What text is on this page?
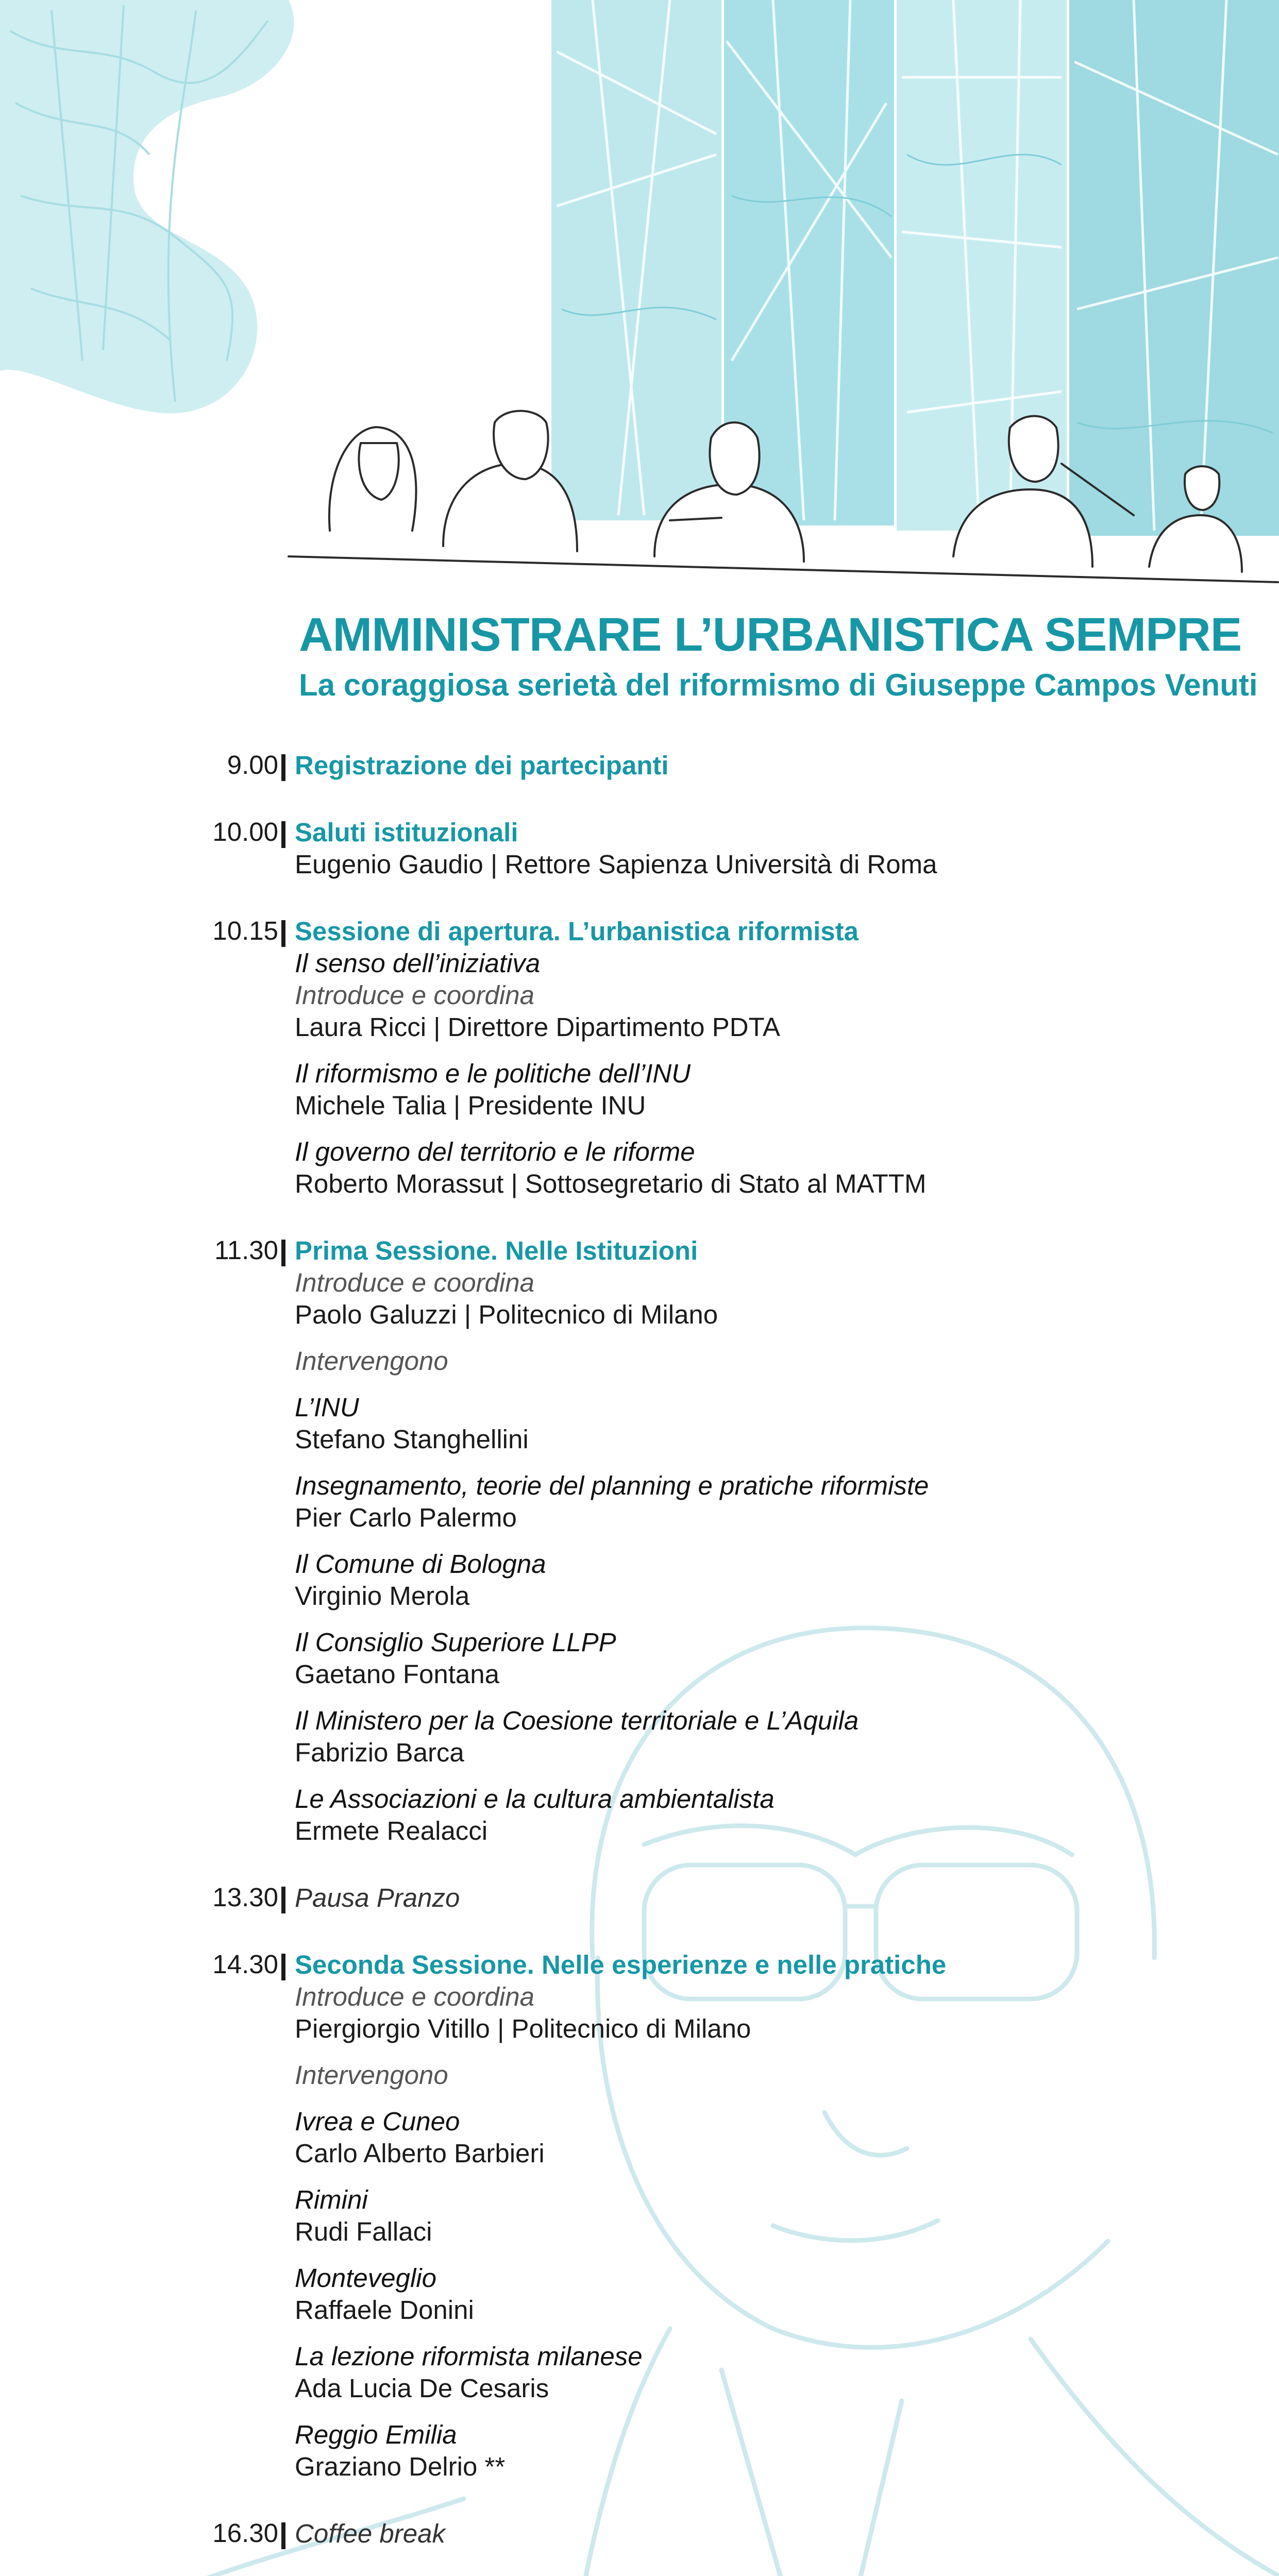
AMMINISTRARE L’URBANISTICA SEMPRE
La coraggiosa serietà del riformismo di Giuseppe Campos Venuti
9.00 Registrazione dei partecipanti
10.00 Saluti istituzionali
Eugenio Gaudio | Rettore Sapienza Università di Roma
10.15 Sessione di apertura. L’urbanistica riformista
Il senso dell’iniziativa
Introduce e coordina
Laura Ricci | Direttore Dipartimento PDTA
Il riformismo e le politiche dell’INU
Michele Talia | Presidente INU
Il governo del territorio e le riforme
Roberto Morassut | Sottosegretario di Stato al MATTM
11.30 Prima Sessione. Nelle Istituzioni
Introduce e coordina
Paolo Galuzzi | Politecnico di Milano
Intervengono
L’INU
Stefano Stanghellini
Insegnamento, teorie del planning e pratiche riformiste
Pier Carlo Palermo
Il Comune di Bologna
Virginio Merola
Il Consiglio Superiore LLPP
Gaetano Fontana
Il Ministero per la Coesione territoriale e L’Aquila
Fabrizio Barca
Le Associazioni e la cultura ambientalista
Ermete Realacci
13.30 Pausa Pranzo
14.30 Seconda Sessione. Nelle esperienze e nelle pratiche
Introduce e coordina
Piergiorgio Vitillo | Politecnico di Milano
Intervengono
Ivrea e Cuneo
Carlo Alberto Barbieri
Rimini
Rudi Fallaci
Monteveglio
Raffaele Donini
La lezione riformista milanese
Ada Lucia De Cesaris
Reggio Emilia
Graziano Delrio **
16.30 Coffee break
